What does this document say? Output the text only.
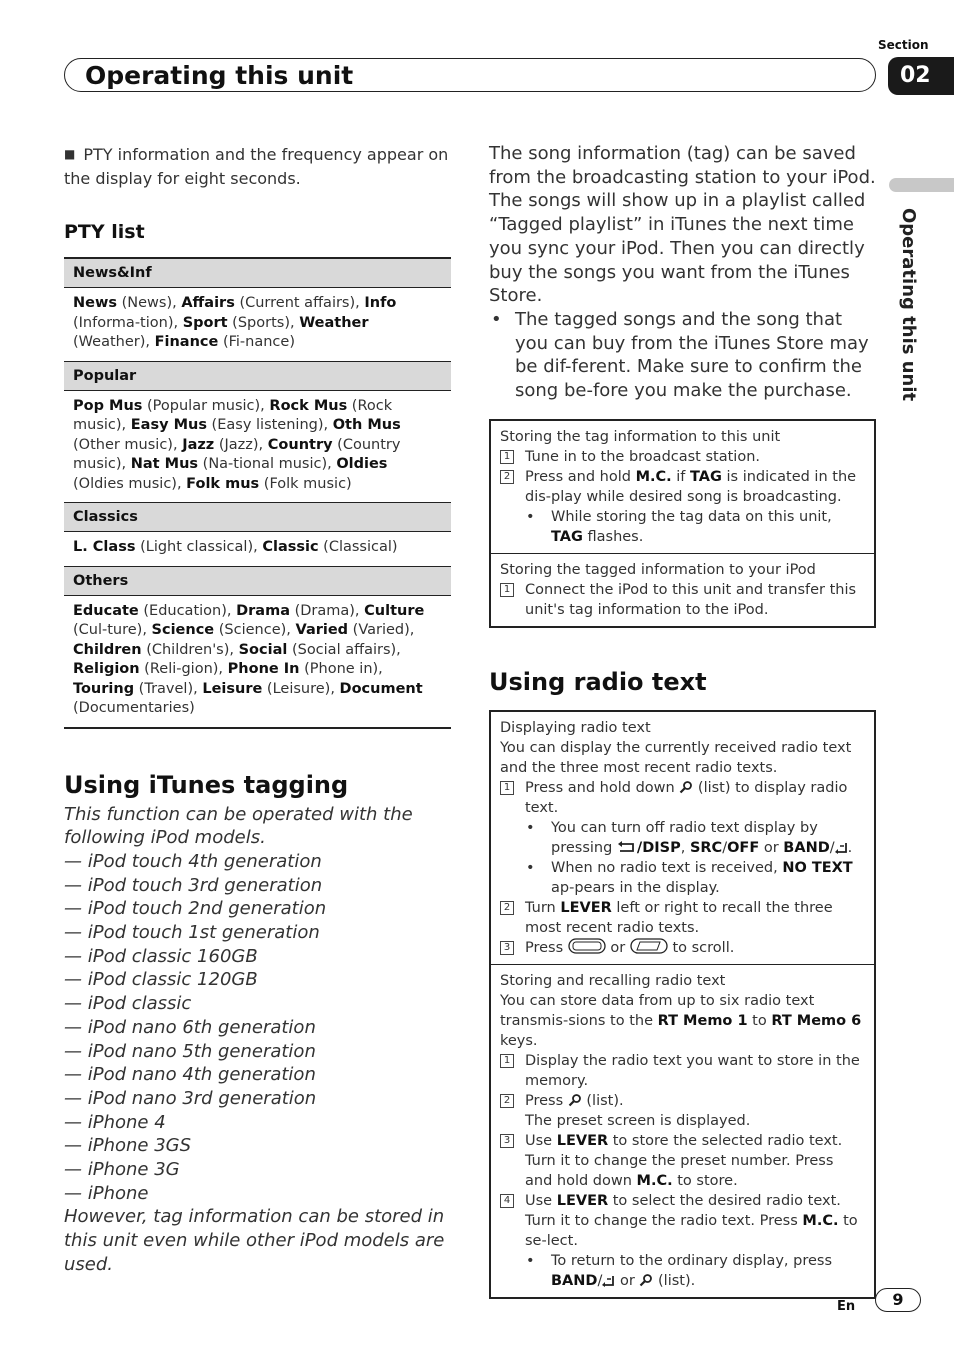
Section
Operating this unit	02
Operating this unit

■ PTY information and the frequency appear on the display for eight seconds.

PTY list
News&Inf
News (News), Affairs (Current affairs), Info (Informa-tion), Sport (Sports), Weather (Weather), Finance (Fi-nance)
Popular
Pop Mus (Popular music), Rock Mus (Rock music), Easy Mus (Easy listening), Oth Mus (Other music), Jazz (Jazz), Country (Country music), Nat Mus (Na-tional music), Oldies (Oldies music), Folk mus (Folk music)
Classics
L. Class (Light classical), Classic (Classical)
Others
Educate (Education), Drama (Drama), Culture (Cul-ture), Science (Science), Varied (Varied), Children (Children's), Social (Social affairs), Religion (Reli-gion), Phone In (Phone in), Touring (Travel), Leisure (Leisure), Document (Documentaries)
Using iTunes tagging

This function can be operated with the following iPod models.

— iPod touch 4th generation
— iPod touch 3rd generation
— iPod touch 2nd generation
— iPod touch 1st generation
— iPod classic 160GB
— iPod classic 120GB
— iPod classic
— iPod nano 6th generation
— iPod nano 5th generation
— iPod nano 4th generation
— iPod nano 3rd generation
— iPhone 4
— iPhone 3GS
— iPhone 3G
— iPhone

However, tag information can be stored in this unit even while other iPod models are used.

The song information (tag) can be saved from the broadcasting station to your iPod. The songs will show up in a playlist called “Tagged playlist” in iTunes the next time you sync your iPod. Then you can directly buy the songs you want from the iTunes Store.

• The tagged songs and the song that you can buy from the iTunes Store may be dif-ferent. Make sure to confirm the song be-fore you make the purchase.
Storing the tag information to this unit
1 Tune in to the broadcast station.
2 Press and hold M.C. if TAG is indicated in the dis-play while desired song is broadcasting.
•	While storing the tag data on this unit, TAG flashes.
Storing the tagged information to your iPod
1 Connect the iPod to this unit and transfer this unit's tag information to the iPod.
Using radio text
Displaying radio text
You can display the currently received radio text and the three most recent radio texts.
1 Press and hold down  (list) to display radio text.
•	You can turn off radio text display by pressing /DISP, SRC/OFF or BAND/ .
•	When no radio text is received, NO TEXT ap-pears in the display.
2 Turn LEVER left or right to recall the three most recent radio texts.
3 Press	or	to scroll.
Storing and recalling radio text
You can store data from up to six radio text transmis-sions to the RT Memo 1 to RT Memo 6 keys.
1 Display the radio text you want to store in the memory.
2 Press  (list).
The preset screen is displayed.
3 Use LEVER to store the selected radio text.
Turn it to change the preset number. Press and hold down M.C. to store.
4 Use LEVER to select the desired radio text.
Turn it to change the radio text. Press M.C. to se-lect.
•	To return to the ordinary display, press BAND/ or  (list).
En	9
